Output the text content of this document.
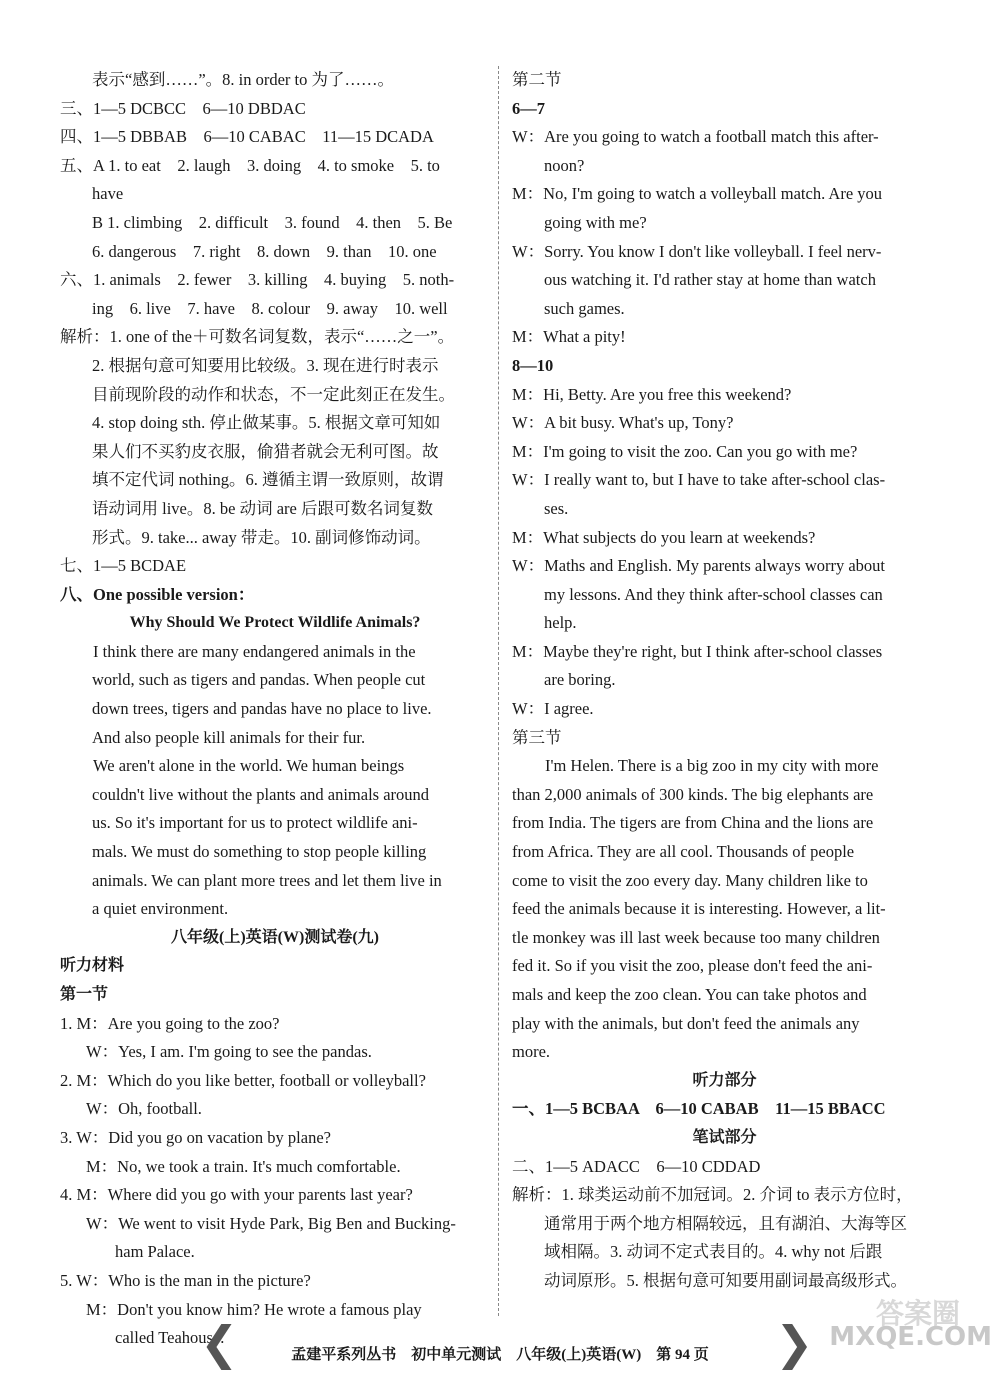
表示“感到……”。8. in order to 为了……。
三、1—5 DCBCC　6—10 DBDAC
四、1—5 DBBAB　6—10 CABAC　11—15 DCADA
五、A 1. to eat　2. laugh　3. doing　4. to smoke　5. to
have
B 1. climbing　2. difficult　3. found　4. then　5. Be
6. dangerous　7. right　8. down　9. than　10. one
六、1. animals　2. fewer　3. killing　4. buying　5. noth-
ing　6. live　7. have　8. colour　9. away　10. well
解析：1. one of the＋可数名词复数，表示“……之一”。
2. 根据句意可知要用比较级。3. 现在进行时表示
目前现阶段的动作和状态，不一定此刻正在发生。
4. stop doing sth. 停止做某事。5. 根据文章可知如
果人们不买豹皮衣服，偷猎者就会无利可图。故
填不定代词 nothing。6. 遵循主谓一致原则，故谓
语动词用 live。8. be 动词 are 后跟可数名词复数
形式。9. take... away 带走。10. 副词修饰动词。
七、1—5 BCDAE
八、One possible version：
Why Should We Protect Wildlife Animals?
I think there are many endangered animals in the
world, such as tigers and pandas. When people cut
down trees, tigers and pandas have no place to live.
And also people kill animals for their fur.
We aren't alone in the world. We human beings
couldn't live without the plants and animals around
us. So it's important for us to protect wildlife ani-
mals. We must do something to stop people killing
animals. We can plant more trees and let them live in
a quiet environment.
八年级(上)英语(W)测试卷(九)
听力材料
第一节
1. M：Are you going to the zoo?
W：Yes, I am. I'm going to see the pandas.
2. M：Which do you like better, football or volleyball?
W：Oh, football.
3. W：Did you go on vacation by plane?
M：No, we took a train. It's much comfortable.
4. M：Where did you go with your parents last year?
W：We went to visit Hyde Park, Big Ben and Bucking-
ham Palace.
5. W：Who is the man in the picture?
M：Don't you know him? He wrote a famous play
called Teahouse.
第二节
6—7
W：Are you going to watch a football match this after-
noon?
M：No, I'm going to watch a volleyball match. Are you
going with me?
W：Sorry. You know I don't like volleyball. I feel nerv-
ous watching it. I'd rather stay at home than watch
such games.
M：What a pity!
8—10
M：Hi, Betty. Are you free this weekend?
W：A bit busy. What's up, Tony?
M：I'm going to visit the zoo. Can you go with me?
W：I really want to, but I have to take after-school clas-
ses.
M：What subjects do you learn at weekends?
W：Maths and English. My parents always worry about
my lessons. And they think after-school classes can
help.
M：Maybe they're right, but I think after-school classes
are boring.
W：I agree.
第三节
I'm Helen. There is a big zoo in my city with more
than 2,000 animals of 300 kinds. The big elephants are
from India. The tigers are from China and the lions are
from Africa. They are all cool. Thousands of people
come to visit the zoo every day. Many children like to
feed the animals because it is interesting. However, a lit-
tle monkey was ill last week because too many children
fed it. So if you visit the zoo, please don't feed the ani-
mals and keep the zoo clean. You can take photos and
play with the animals, but don't feed the animals any
more.
听力部分
一、1—5 BCBAA　6—10 CABAB　11—15 BBACC
笔试部分
二、1—5 ADACC　6—10 CDDAD
解析：1. 球类运动前不加冠词。2. 介词 to 表示方位时，
通常用于两个地方相隔较远，且有湖泊、大海等区
域相隔。3. 动词不定式表目的。4. why not 后跟
动词原形。5. 根据句意可知要用副词最高级形式。
❮	孟建平系列丛书　初中单元测试　八年级(上)英语(W)　第 94 页	❯
答案圈
MXQE.COM
